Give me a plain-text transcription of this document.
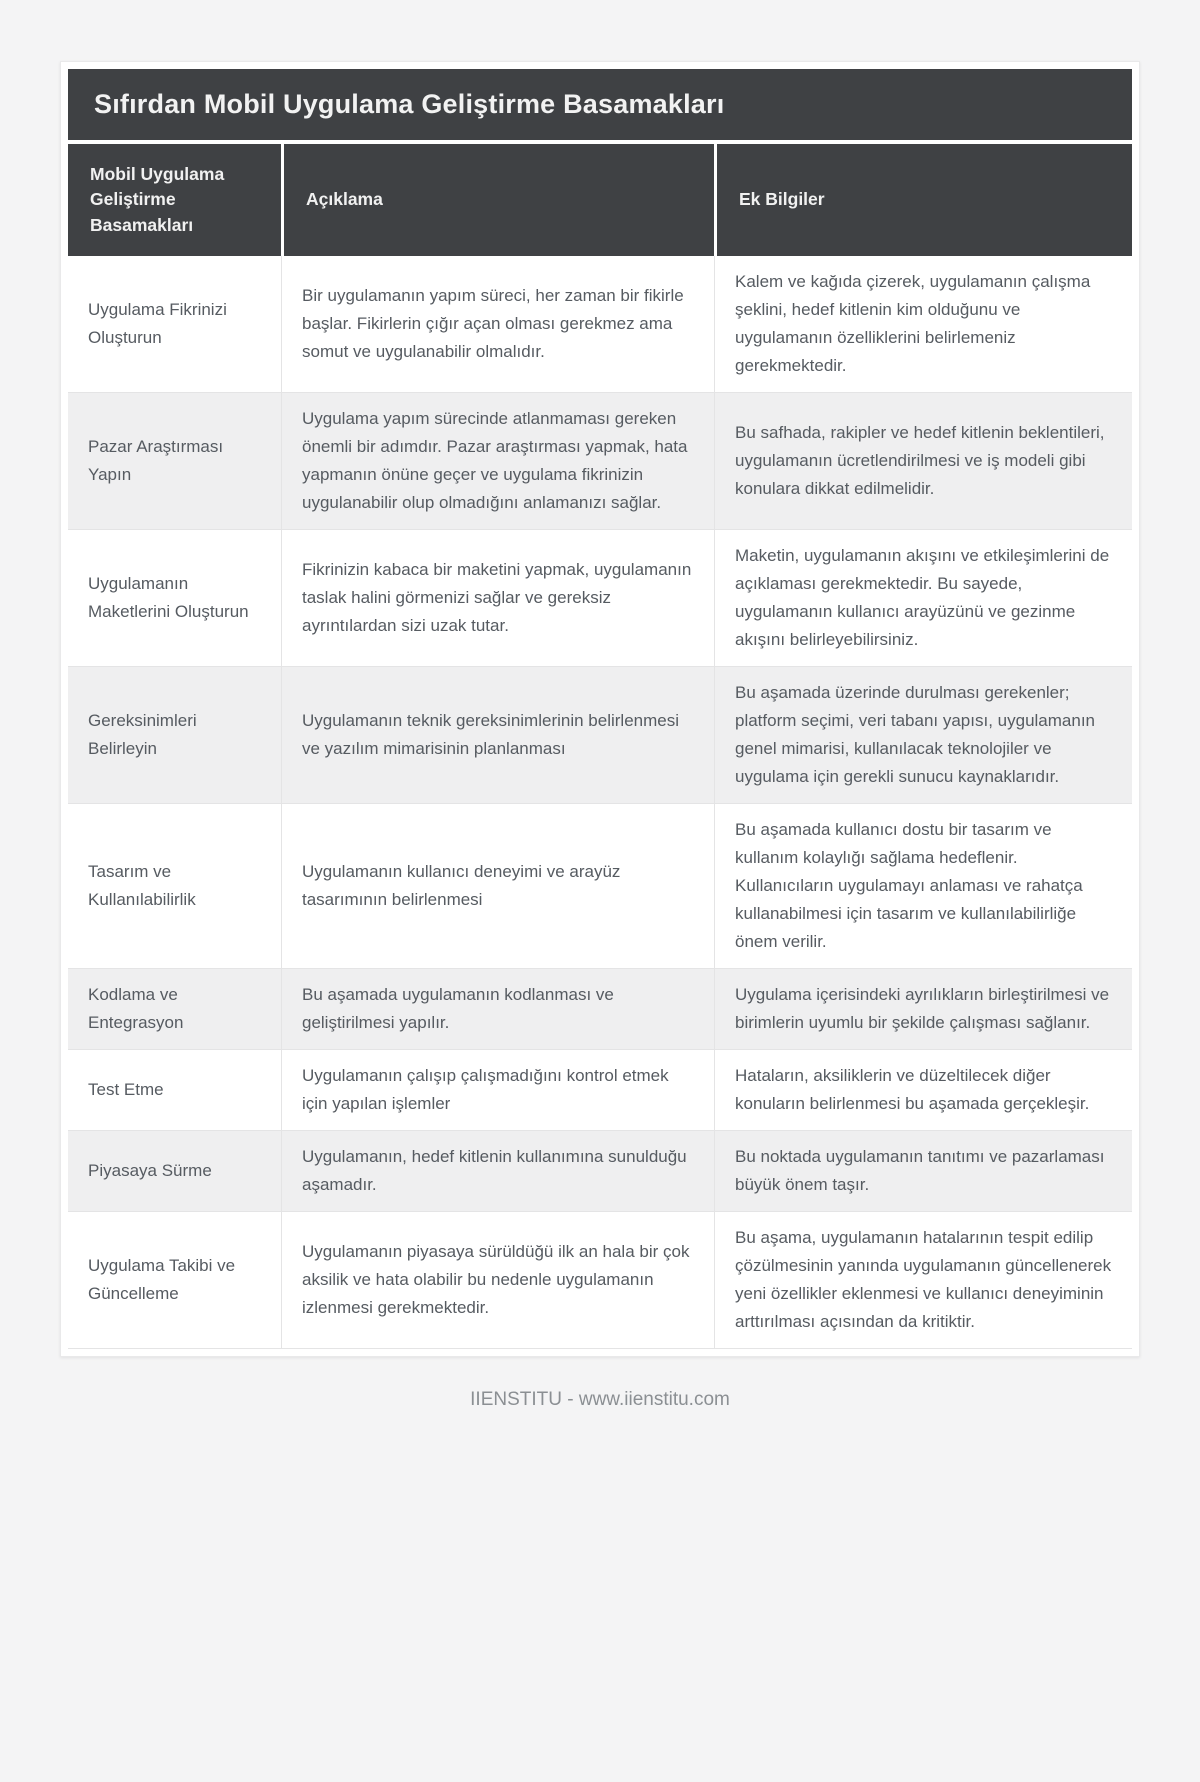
Sıfırdan Mobil Uygulama Geliştirme Basamakları
Mobil Uygulama Geliştirme Basamakları	Açıklama	Ek Bilgiler
Uygulama Fikrinizi Oluşturun	Bir uygulamanın yapım süreci, her zaman bir fikirle başlar. Fikirlerin çığır açan olması gerekmez ama somut ve uygulanabilir olmalıdır.	Kalem ve kağıda çizerek, uygulamanın çalışma şeklini, hedef kitlenin kim olduğunu ve uygulamanın özelliklerini belirlemeniz gerekmektedir.
Pazar Araştırması Yapın	Uygulama yapım sürecinde atlanmaması gereken önemli bir adımdır. Pazar araştırması yapmak, hata yapmanın önüne geçer ve uygulama fikrinizin uygulanabilir olup olmadığını anlamanızı sağlar.	Bu safhada, rakipler ve hedef kitlenin beklentileri, uygulamanın ücretlendirilmesi ve iş modeli gibi konulara dikkat edilmelidir.
Uygulamanın Maketlerini Oluşturun	Fikrinizin kabaca bir maketini yapmak, uygulamanın taslak halini görmenizi sağlar ve gereksiz ayrıntılardan sizi uzak tutar.	Maketin, uygulamanın akışını ve etkileşimlerini de açıklaması gerekmektedir. Bu sayede, uygulamanın kullanıcı arayüzünü ve gezinme akışını belirleyebilirsiniz.
Gereksinimleri Belirleyin	Uygulamanın teknik gereksinimlerinin belirlenmesi ve yazılım mimarisinin planlanması	Bu aşamada üzerinde durulması gerekenler; platform seçimi, veri tabanı yapısı, uygulamanın genel mimarisi, kullanılacak teknolojiler ve uygulama için gerekli sunucu kaynaklarıdır.
Tasarım ve Kullanılabilirlik	Uygulamanın kullanıcı deneyimi ve arayüz tasarımının belirlenmesi	Bu aşamada kullanıcı dostu bir tasarım ve kullanım kolaylığı sağlama hedeflenir. Kullanıcıların uygulamayı anlaması ve rahatça kullanabilmesi için tasarım ve kullanılabilirliğe önem verilir.
Kodlama ve Entegrasyon	Bu aşamada uygulamanın kodlanması ve geliştirilmesi yapılır.	Uygulama içerisindeki ayrılıkların birleştirilmesi ve birimlerin uyumlu bir şekilde çalışması sağlanır.
Test Etme	Uygulamanın çalışıp çalışmadığını kontrol etmek için yapılan işlemler	Hataların, aksiliklerin ve düzeltilecek diğer konuların belirlenmesi bu aşamada gerçekleşir.
Piyasaya Sürme	Uygulamanın, hedef kitlenin kullanımına sunulduğu aşamadır.	Bu noktada uygulamanın tanıtımı ve pazarlaması büyük önem taşır.
Uygulama Takibi ve Güncelleme	Uygulamanın piyasaya sürüldüğü ilk an hala bir çok aksilik ve hata olabilir bu nedenle uygulamanın izlenmesi gerekmektedir.	Bu aşama, uygulamanın hatalarının tespit edilip çözülmesinin yanında uygulamanın güncellenerek yeni özellikler eklenmesi ve kullanıcı deneyiminin arttırılması açısından da kritiktir.
IIENSTITU - www.iienstitu.com
